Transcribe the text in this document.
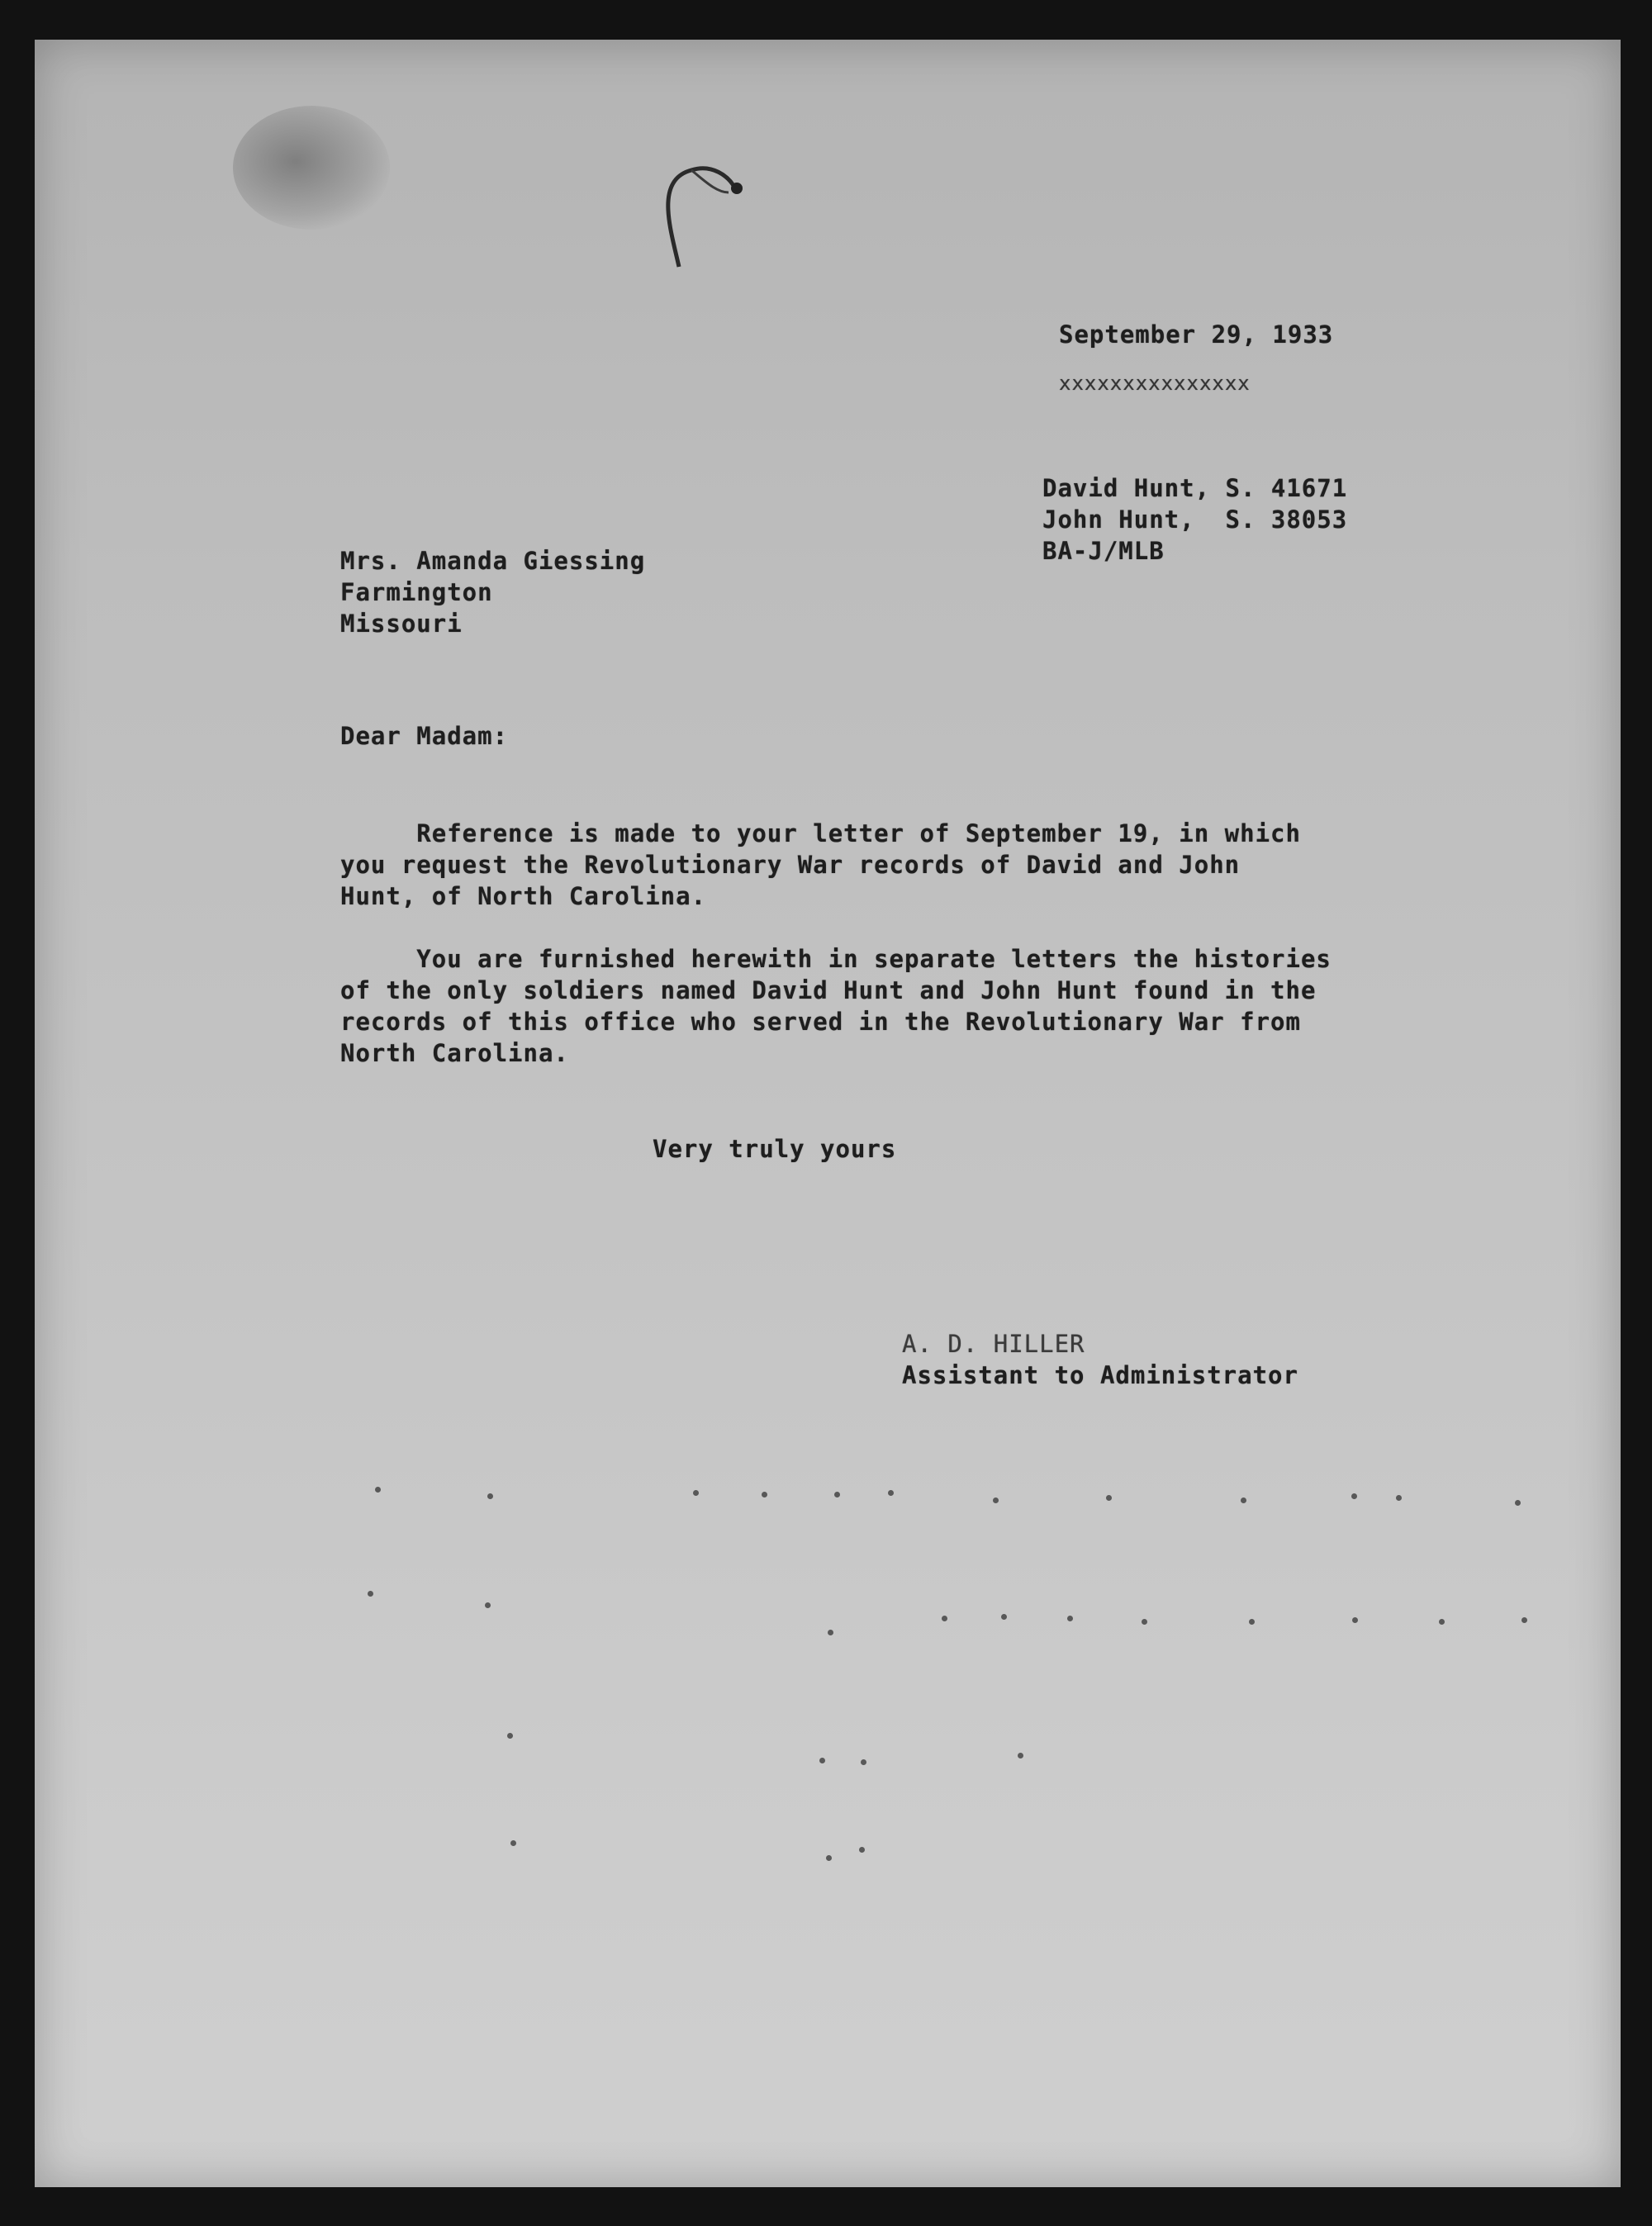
September 29, 1933
xxxxxxxxxxxxxxx
David Hunt, S. 41671
John Hunt,  S. 38053
BA-J/MLB
Mrs. Amanda Giessing
Farmington
Missouri
Dear Madam:
Reference is made to your letter of September 19, in which
you request the Revolutionary War records of David and John
Hunt, of North Carolina.
You are furnished herewith in separate letters the histories
of the only soldiers named David Hunt and John Hunt found in the
records of this office who served in the Revolutionary War from
North Carolina.
Very truly yours
A. D. HILLER
Assistant to Administrator
